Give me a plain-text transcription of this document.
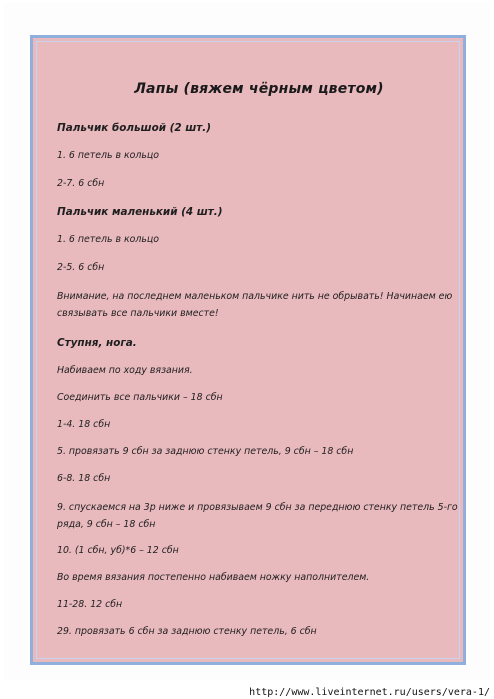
Лапы (вяжем чёрным цветом)
Пальчик большой (2 шт.)
1. 6 петель в кольцо
2-7. 6 сбн
Пальчик маленький (4 шт.)
1. 6 петель в кольцо
2-5. 6 сбн
Внимание, на последнем маленьком пальчике нить не обрывать! Начинаем ею связывать все пальчики вместе!
Ступня, нога.
Набиваем по ходу вязания.
Соединить все пальчики – 18 сбн
1-4. 18 сбн
5. провязать 9 сбн за заднюю стенку петель, 9 сбн – 18 сбн
6-8. 18 сбн
9. спускаемся на 3р ниже и провязываем 9 сбн за переднюю стенку петель 5-го ряда, 9 сбн – 18 сбн
10. (1 сбн, уб)*6 – 12 сбн
Во время вязания постепенно набиваем ножку наполнителем.
11-28. 12 сбн
29. провязать 6 сбн за заднюю стенку петель, 6 сбн
http://www.liveinternet.ru/users/vera-1/
